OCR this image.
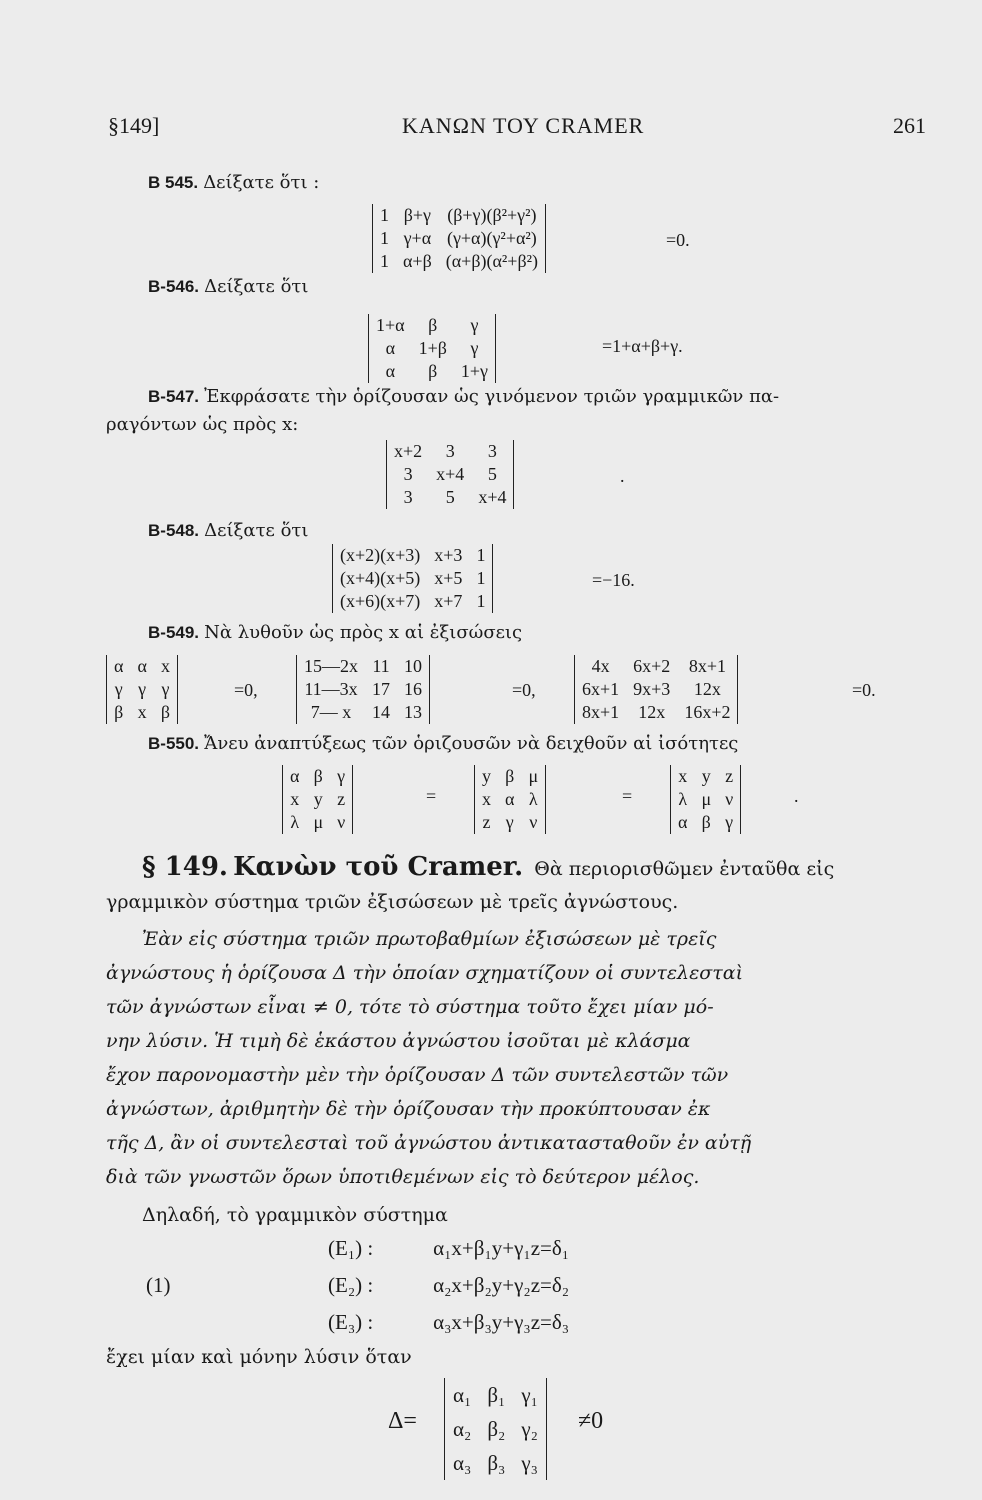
§149]	ΚΑΝΩΝ ΤΟΥ CRAMER	261
B 545. Δείξατε ὅτι :
1	β+γ	(β+γ)(β²+γ²)
1	γ+α	(γ+α)(γ²+α²)
1	α+β	(α+β)(α²+β²)
=0.
B-546. Δείξατε ὅτι
1+α	β	γ
α	1+β	γ
α	β	1+γ
=1+α+β+γ.
B-547. Ἐκφράσατε τὴν ὁρίζουσαν ὡς γινόμενον τριῶν γραμμικῶν πα-
ραγόντων ὡς πρὸς x:
x+2	3	3
3	x+4	5
3	5	x+4
.
B-548. Δείξατε ὅτι
(x+2)(x+3)	x+3	1
(x+4)(x+5)	x+5	1
(x+6)(x+7)	x+7	1
=−16.
B-549. Νὰ λυθοῦν ὡς πρὸς x αἱ ἐξισώσεις
α	α	x
γ	γ	γ
β	x	β
=0,
15—2x	11	10
11—3x	17	16
7— x	14	13
=0,
4x	6x+2	8x+1
6x+1	9x+3	12x
8x+1	12x	16x+2
=0.
B-550. Ἄνευ ἀναπτύξεως τῶν ὁριζουσῶν νὰ δειχθοῦν αἱ ἰσότητες
α	β	γ
x	y	z
λ	μ	ν
=
y	β	μ
x	α	λ
z	γ	ν
=
x	y	z
λ	μ	ν
α	β	γ
.
§ 149. Κανὼν τοῦ Cramer. Θὰ περιορισθῶμεν ἐνταῦθα εἰς
γραμμικὸν σύστημα τριῶν ἐξισώσεων μὲ τρεῖς ἀγνώστους.
Ἐὰν εἰς σύστημα τριῶν πρωτοβαθμίων ἐξισώσεων μὲ τρεῖς
ἀγνώστους ἡ ὁρίζουσα Δ τὴν ὁποίαν σχηματίζουν οἱ συντελεσταὶ
τῶν ἀγνώστων εἶναι ≠ 0, τότε τὸ σύστημα τοῦτο ἔχει μίαν μό-
νην λύσιν. Ἡ τιμὴ δὲ ἑκάστου ἀγνώστου ἰσοῦται μὲ κλάσμα
ἔχον παρονομαστὴν μὲν τὴν ὁρίζουσαν Δ τῶν συντελεστῶν τῶν
ἀγνώστων, ἀριθμητὴν δὲ τὴν ὁρίζουσαν τὴν προκύπτουσαν ἐκ
τῆς Δ, ἂν οἱ συντελεσταὶ τοῦ ἀγνώστου ἀντικατασταθοῦν ἐν αὐτῇ
διὰ τῶν γνωστῶν ὅρων ὑποτιθεμένων εἰς τὸ δεύτερον μέλος.
Δηλαδή, τὸ γραμμικὸν σύστημα
(1)
(E₁) :	α₁x+β₁y+γ₁z=δ₁
(E₂) :	α₂x+β₂y+γ₂z=δ₂
(E₃) :	α₃x+β₃y+γ₃z=δ₃
ἔχει μίαν καὶ μόνην λύσιν ὅταν
Δ=
α₁	β₁	γ₁
α₂	β₂	γ₂
α₃	β₃	γ₃
≠0
